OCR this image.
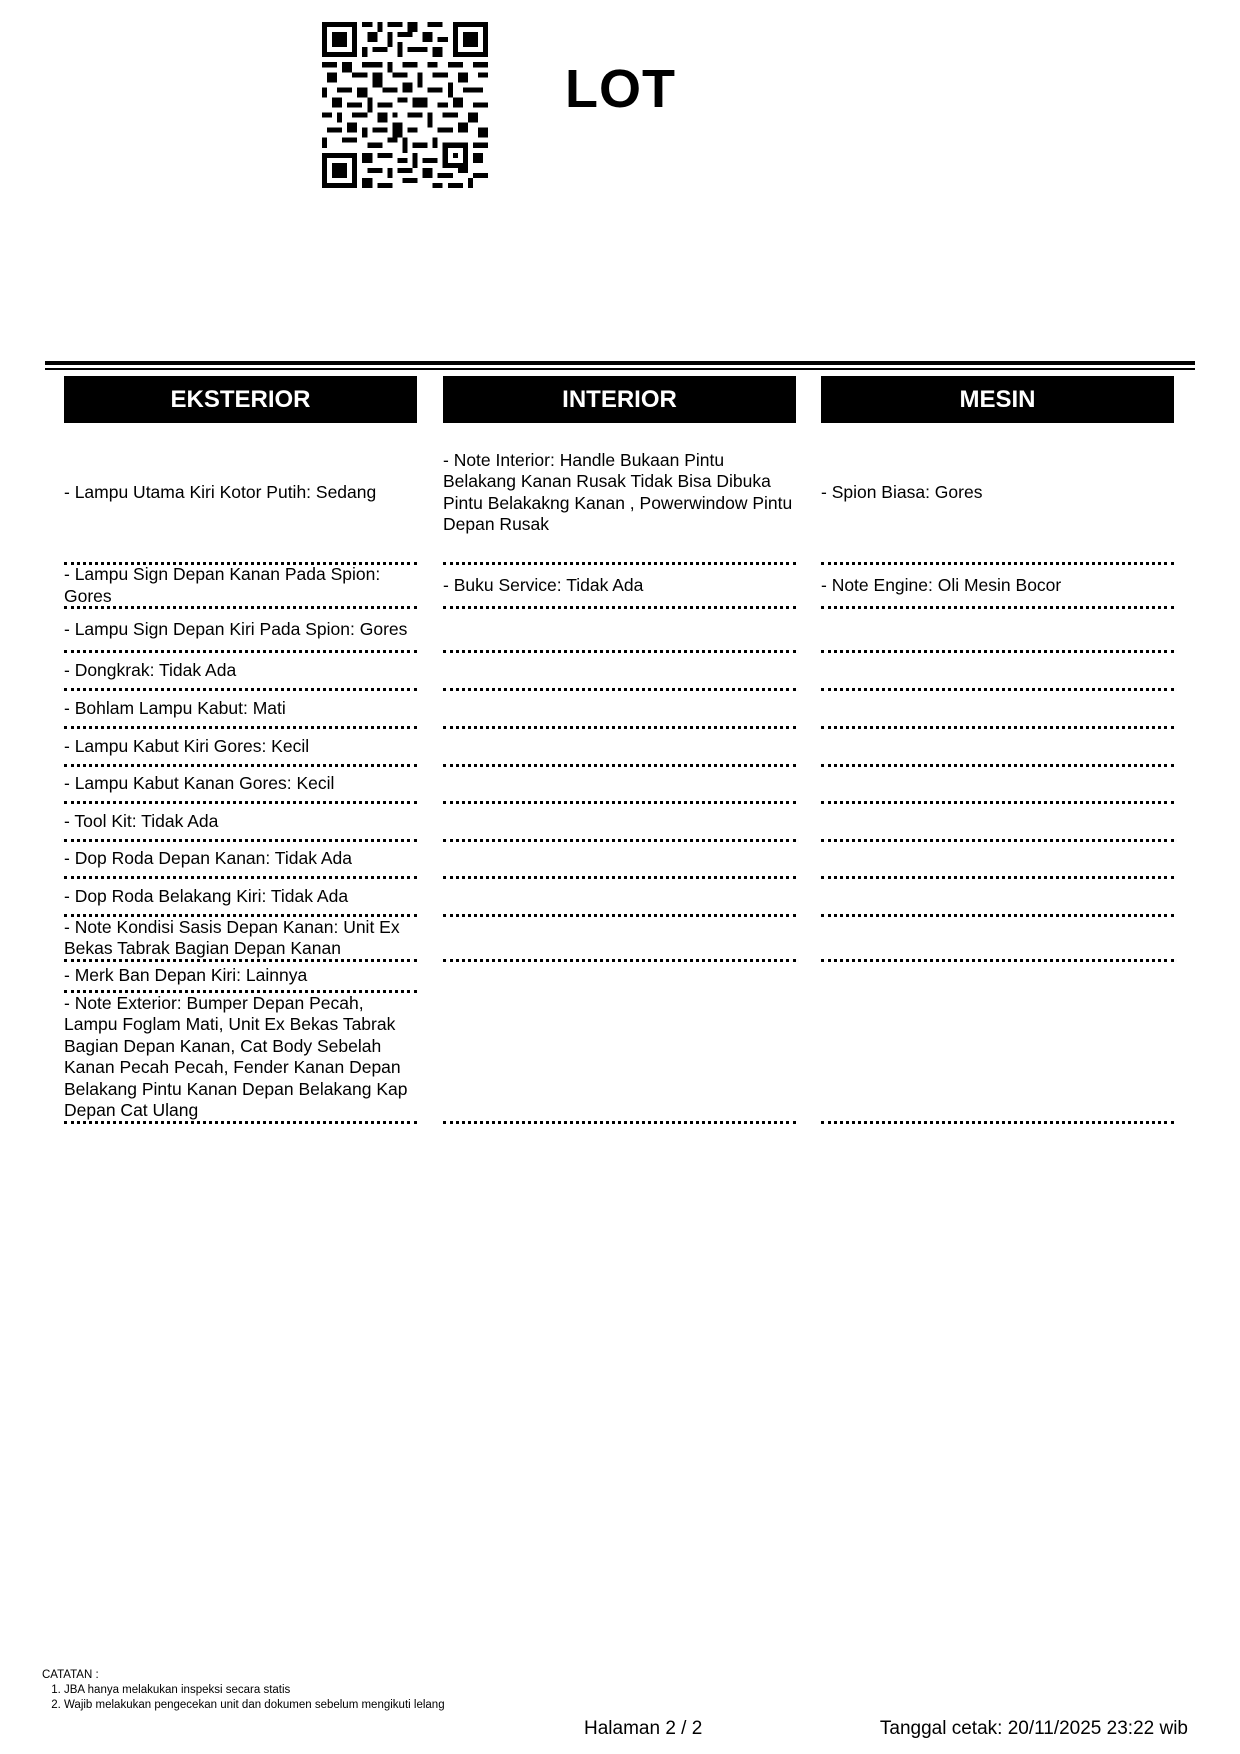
LOT
EKSTERIOR
- Lampu Utama Kiri Kotor Putih: Sedang
- Lampu Sign Depan Kanan Pada Spion: Gores
- Lampu Sign Depan Kiri Pada Spion: Gores
- Dongkrak: Tidak Ada
- Bohlam Lampu Kabut: Mati
- Lampu Kabut Kiri Gores: Kecil
- Lampu Kabut Kanan Gores: Kecil
- Tool Kit: Tidak Ada
- Dop Roda Depan Kanan: Tidak Ada
- Dop Roda Belakang Kiri: Tidak Ada
- Note Kondisi Sasis Depan Kanan: Unit Ex Bekas Tabrak Bagian Depan Kanan
- Merk Ban Depan Kiri: Lainnya
- Note Exterior: Bumper Depan Pecah, Lampu Foglam Mati, Unit Ex Bekas Tabrak Bagian Depan Kanan, Cat Body Sebelah Kanan Pecah Pecah, Fender Kanan Depan Belakang Pintu Kanan Depan Belakang Kap Depan Cat Ulang
INTERIOR
- Note Interior: Handle Bukaan Pintu Belakang Kanan Rusak Tidak Bisa Dibuka Pintu Belakakng Kanan , Powerwindow Pintu Depan Rusak
- Buku Service: Tidak Ada
MESIN
- Spion Biasa: Gores
- Note Engine: Oli Mesin Bocor
CATATAN :
1. JBA hanya melakukan inspeksi secara statis
2. Wajib melakukan pengecekan unit dan dokumen sebelum mengikuti lelang
Halaman 2 / 2	Tanggal cetak: 20/11/2025 23:22 wib
